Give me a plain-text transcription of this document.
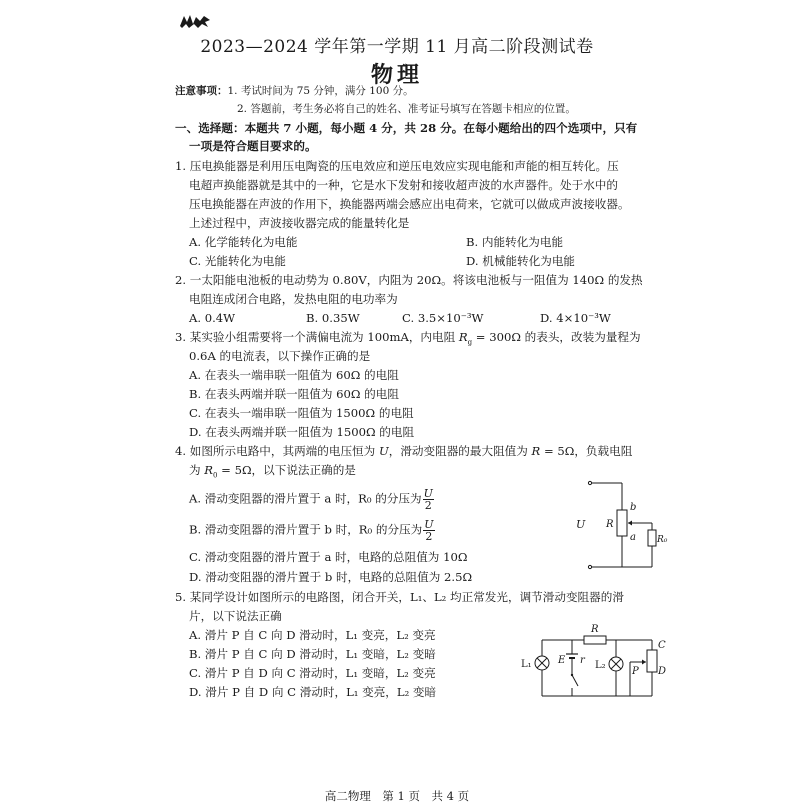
2023—2024 学年第一学期 11 月高二阶段测试卷
物理
注意事项：1. 考试时间为 75 分钟，满分 100 分。
2. 答题前，考生务必将自己的姓名、准考证号填写在答题卡相应的位置。
一、选择题：本题共 7 小题，每小题 4 分，共 28 分。在每小题给出的四个选项中，只有
一项是符合题目要求的。
1. 压电换能器是利用压电陶瓷的压电效应和逆压电效应实现电能和声能的相互转化。压
电超声换能器就是其中的一种，它是水下发射和接收超声波的水声器件。处于水中的
压电换能器在声波的作用下，换能器两端会感应出电荷来，它就可以做成声波接收器。
上述过程中，声波接收器完成的能量转化是
A. 化学能转化为电能	B. 内能转化为电能
C. 光能转化为电能	D. 机械能转化为电能
2. 一太阳能电池板的电动势为 0.80V，内阻为 20Ω。将该电池板与一阻值为 140Ω 的发热
电阻连成闭合电路，发热电阻的电功率为
A. 0.4W	B. 0.35W	C. 3.5×10⁻³W	D. 4×10⁻³W
3. 某实验小组需要将一个满偏电流为 100mA，内电阻 $R_g = 300\Omega$ 的表头，改装为量程为
0.6A 的电流表，以下操作正确的是
A. 在表头一端串联一阻值为 60Ω 的电阻
B. 在表头两端并联一阻值为 60Ω 的电阻
C. 在表头一端串联一阻值为 1500Ω 的电阻
D. 在表头两端并联一阻值为 1500Ω 的电阻
4. 如图所示电路中，其两端的电压恒为 U，滑动变阻器的最大阻值为 R = 5Ω，负载电阻
为 $R_0 = 5\Omega$，以下说法正确的是
A. 滑动变阻器的滑片置于 a 时，R₀ 的分压为 $\frac{U}{2}$
B. 滑动变阻器的滑片置于 b 时，R₀ 的分压为 $\frac{U}{2}$
C. 滑动变阻器的滑片置于 a 时，电路的总阻值为 10Ω
D. 滑动变阻器的滑片置于 b 时，电路的总阻值为 2.5Ω
U R
b
a R₀
5. 某同学设计如图所示的电路图，闭合开关，L₁、L₂ 均正常发光，调节滑动变阻器的滑
片，以下说法正确
A. 滑片 P 自 C 向 D 滑动时，L₁ 变亮，L₂ 变亮
B. 滑片 P 自 C 向 D 滑动时，L₁ 变暗，L₂ 变暗
C. 滑片 P 自 D 向 C 滑动时，L₁ 变暗，L₂ 变亮
D. 滑片 P 自 D 向 C 滑动时，L₁ 变亮，L₂ 变暗
R
E r
L₁	L₂
C
P D
高二物理　第 1 页　共 4 页
